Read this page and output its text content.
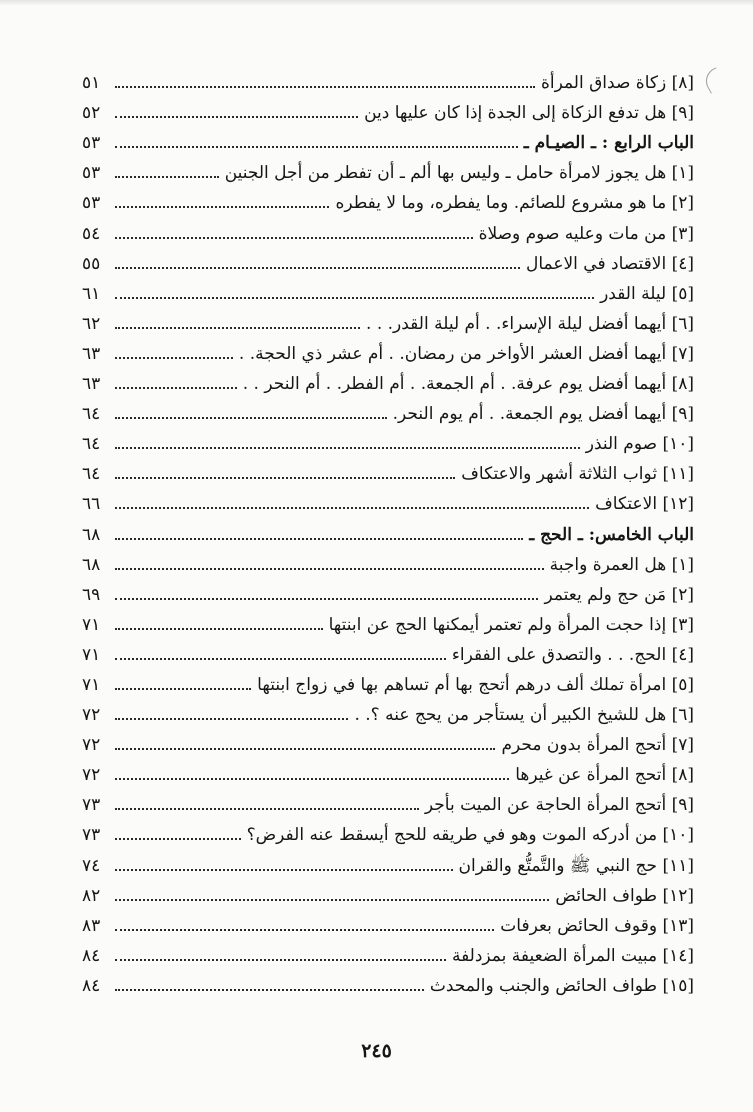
[٨] زكاة صداق المرأة
٥١
[٩] هل تدفع الزكاة إلى الجدة إذا كان عليها دين
٥٢
الباب الرابع : ـ الصيـام ـ
٥٣
[١] هل يجوز لامرأة حامل ـ وليس بها ألم ـ أن تفطر من أجل الجنين
٥٣
[٢] ما هو مشروع للصائم. وما يفطره، وما لا يفطره
٥٣
[٣] من مات وعليه صوم وصلاة
٥٤
[٤] الاقتصاد في الاعمال
٥٥
[٥] ليلة القدر
٦١
[٦] أيهما أفضل ليلة الإسراء. . أم ليلة القدر. . .
٦٢
[٧] أيهما أفضل العشر الأواخر من رمضان. . أم عشر ذي الحجة. .
٦٣
[٨] أيهما أفضل يوم عرفة. . أم الجمعة. . أم الفطر. . أم النحر . .
٦٣
[٩] أيهما أفضل يوم الجمعة. . أم يوم النحر.
٦٤
[١٠] صوم النذر
٦٤
[١١] ثواب الثلاثة أشهر والاعتكاف
٦٤
[١٢] الاعتكاف
٦٦
الباب الخامس: ـ الحج ـ
٦٨
[١] هل العمرة واجبة
٦٨
[٢] مَن حج ولم يعتمر
٦٩
[٣] إذا حجت المرأة ولم تعتمر أيمكنها الحج عن ابنتها
٧١
[٤] الحج. . . والتصدق على الفقراء
٧١
[٥] امرأة تملك ألف درهم أتحج بها أم تساهم بها في زواج ابنتها
٧١
[٦] هل للشيخ الكبير أن يستأجر من يحج عنه ؟. .
٧٢
[٧] أتحج المرأة بدون محرم
٧٢
[٨] أتحج المرأة عن غيرها
٧٢
[٩] أتحج المرأة الحاجة عن الميت بأجر
٧٣
[١٠] من أدركه الموت وهو في طريقه للحج أيسقط عنه الفرض؟
٧٣
[١١] حج النبي ﷺ والتَّمتُّع والقران
٧٤
[١٢] طواف الحائض
٨٢
[١٣] وقوف الحائض بعرفات
٨٣
[١٤] مبيت المرأة الضعيفة بمزدلفة
٨٤
[١٥] طواف الحائض والجنب والمحدث
٨٤
٢٤٥
